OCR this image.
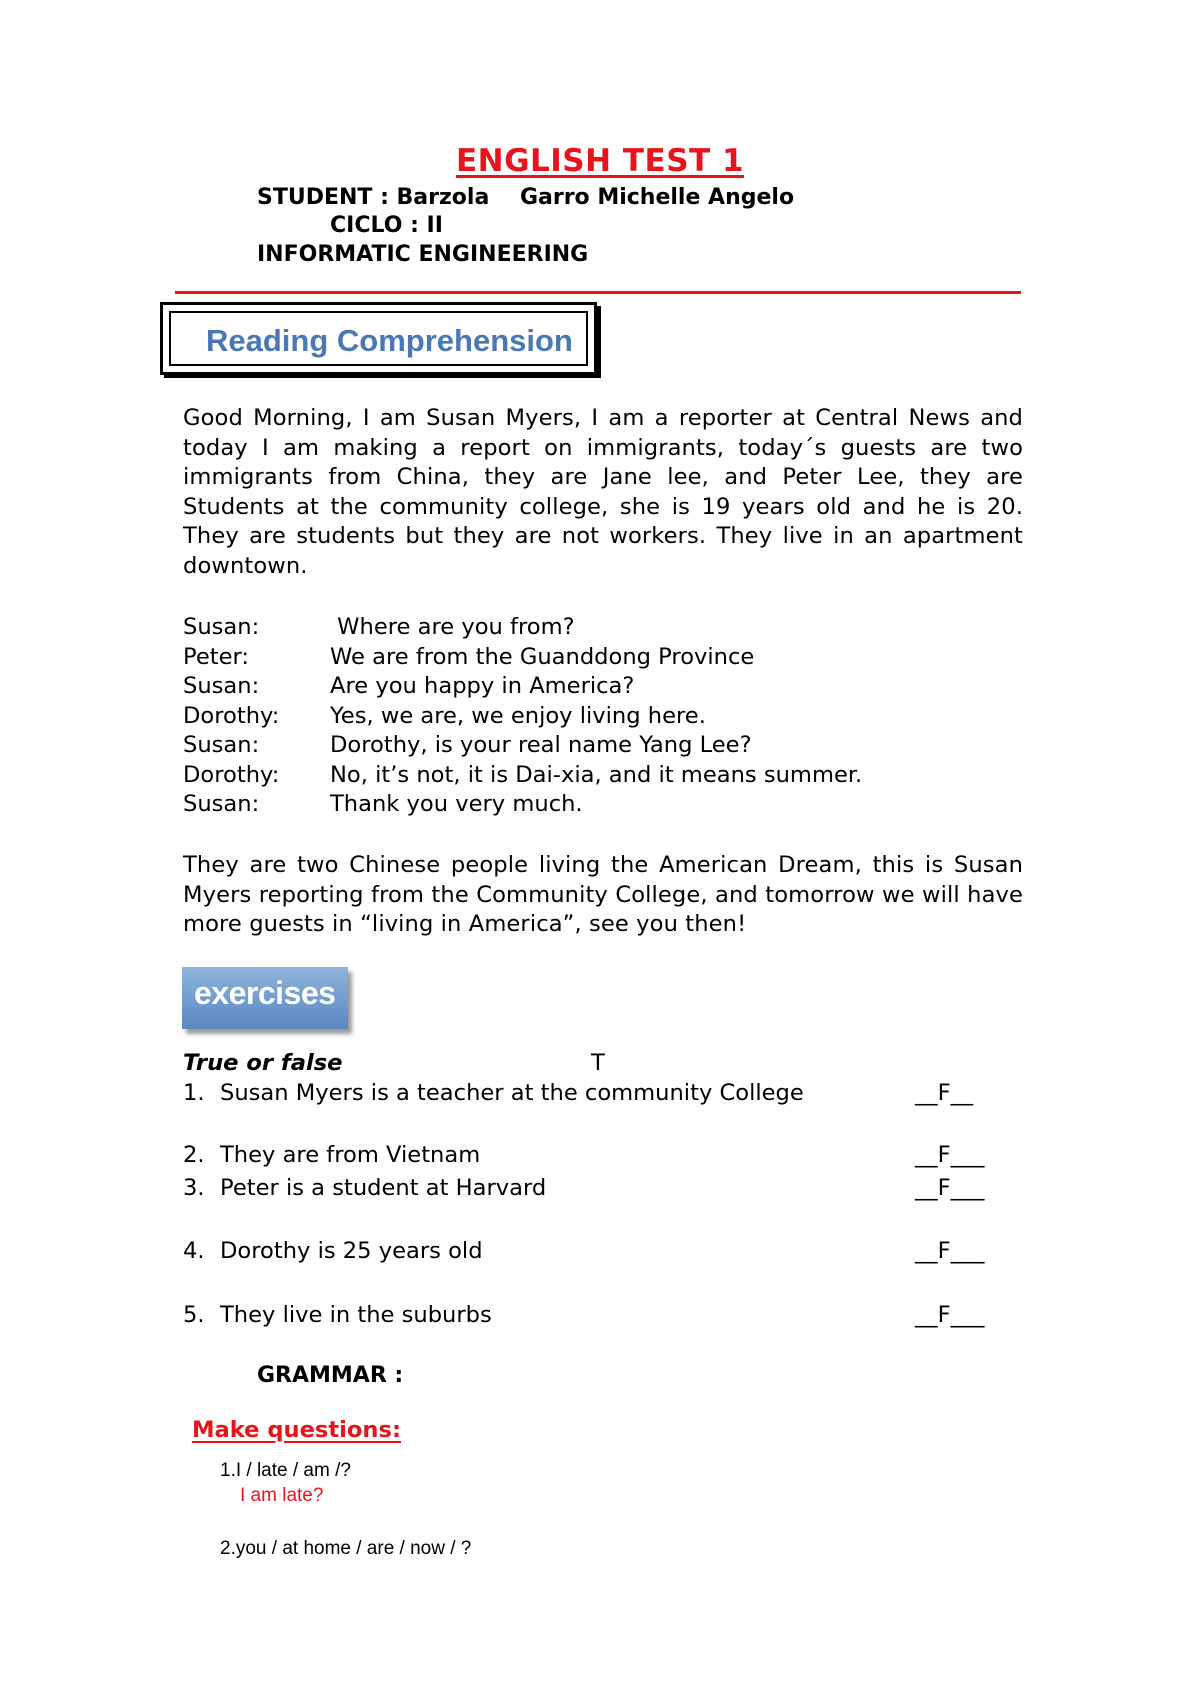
ENGLISH TEST 1
STUDENT : Barzola    Garro Michelle Angelo
CICLO : II
INFORMATIC ENGINEERING
Reading Comprehension
Good Morning, I am Susan Myers, I am a reporter at Central News and today I am making a report on immigrants, today´s guests are two immigrants from China, they are Jane lee, and Peter Lee, they are Students at the community college, she is 19 years old and he is 20. They are students but they are not workers. They live in an apartment downtown.
Susan:	Where are you from?
Peter:	We are from the Guanddong Province
Susan:	Are you happy in America?
Dorothy: Yes, we are, we enjoy living here.
Susan:	Dorothy, is your real name Yang Lee?
Dorothy: No, it’s not, it is Dai-xia, and it means summer.
Susan:	Thank you very much.
They are two Chinese people living the American Dream, this is Susan Myers reporting from the Community College, and tomorrow we will have more guests in “living in America”, see you then!
exercises
True or false	T
1. Susan Myers is a teacher at the community College	__F__
2. They are from Vietnam	__F___
3. Peter is a student at Harvard	__F___
4. Dorothy is 25 years old	__F___
5. They live in the suburbs	__F___
GRAMMAR :
Make questions:
1.I / late / am /?
I am late?
2.you / at home / are / now / ?
